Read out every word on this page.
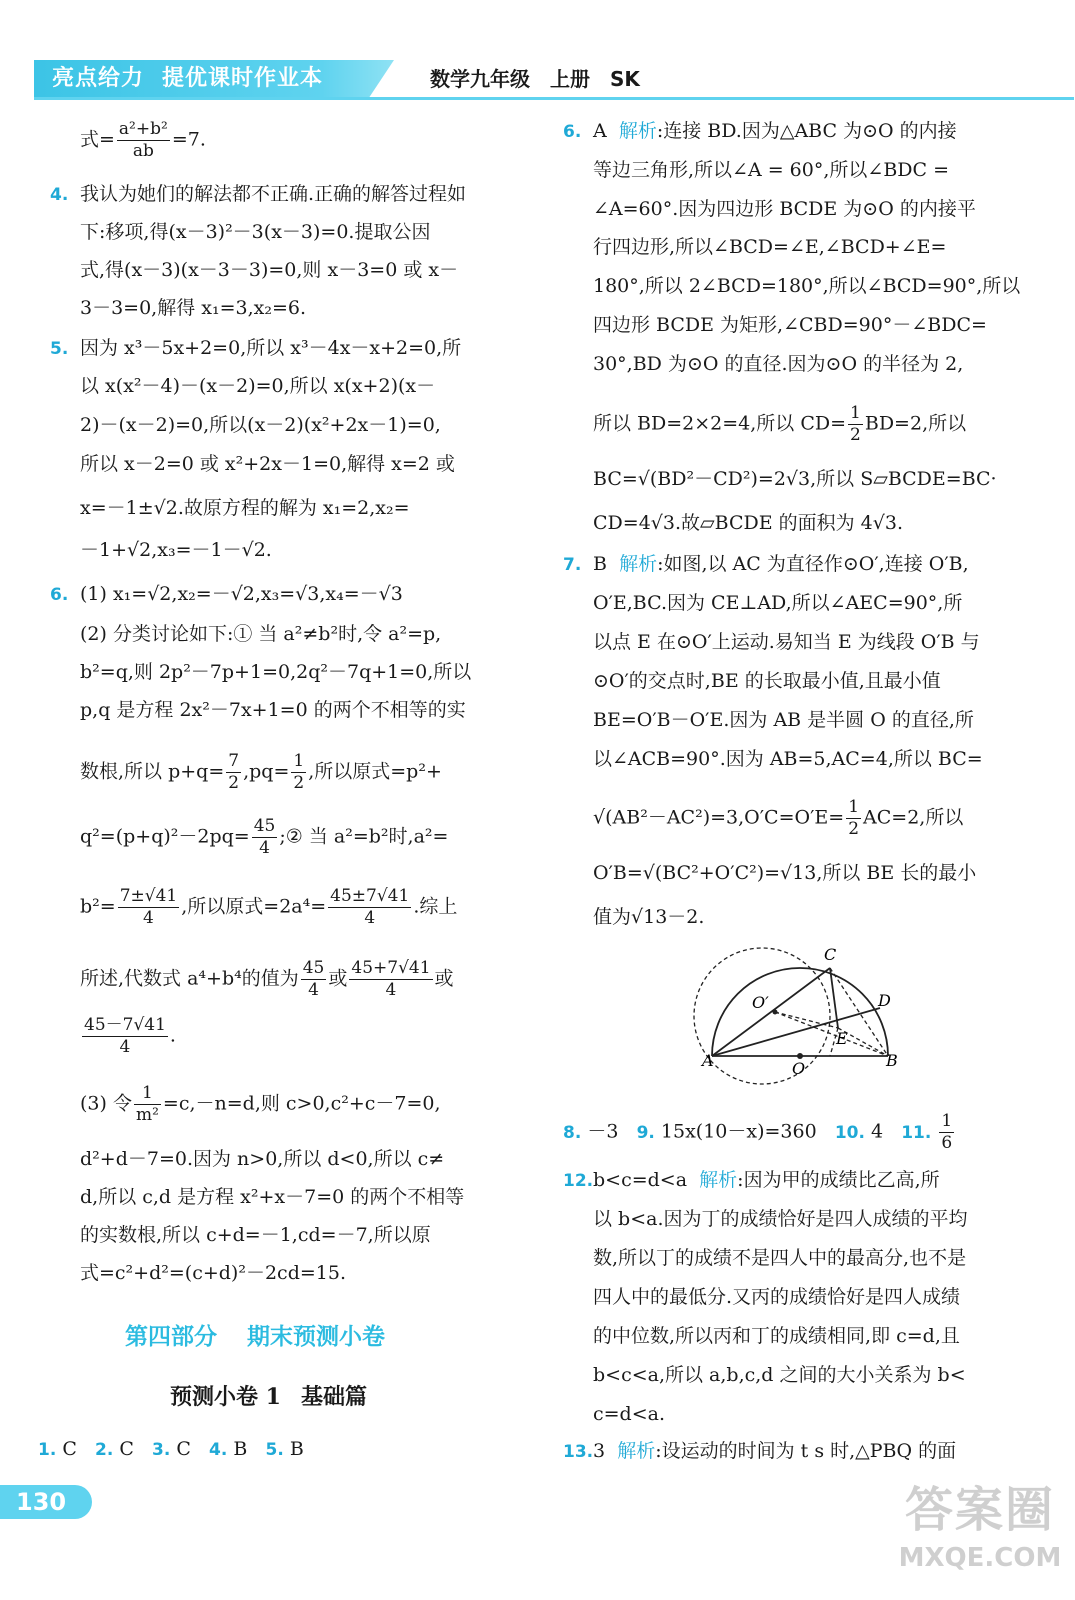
亮点给力 提优课时作业本	数学九年级 上册 SK
式= $\frac{\text{a²+b²}}{ab} =7$.
4. 我认为她们的解法都不正确.正确的解答过程如
下:移项,得(x－3)²－3(x－3)=0.提取公因
式,得(x－3)(x－3－3)=0,则 x－3=0 或 x－
3－3=0,解得 x₁=3,x₂=6.
5. 因为 x³－5x+2=0,所以 x³－4x－x+2=0,所
以 x(x²－4)－(x－2)=0,所以 x(x+2)(x－
2)－(x－2)=0,所以(x－2)(x²+2x－1)=0,
所以 x－2=0 或 x²+2x－1=0,解得 x=2 或
x=－1±√2.故原方程的解为 x₁=2,x₂=
－1+√2,x₃=－1－√2.
6. (1) x₁=√2,x₂=－√2,x₃=√3,x₄=－√3
(2) 分类讨论如下:① 当 a²≠b²时,令 a²=p,
b²=q,则 2p²－7p+1=0,2q²－7q+1=0,所以
p,q 是方程 2x²－7x+1=0 的两个不相等的实
数根,所以 $p+q= \frac{7}{2} ,pq= \frac{1}{2}$ ,所以原式=p²+
$q^2=(p+q)^2-2pq= \frac{45}{4}$ ;② 当 a²=b²时,a²=
$b^2= \frac{7\pm√41}{4}$ ,所以原式$=2a^4= \frac{45\pm 7√41}{4}$ .综上
所述,代数式 a⁴+b⁴的值为 $\frac{45}{4}$ 或 $\frac{45+7√41}{4}$ 或
$\frac{45-7√41}{4}$ .
(3) 令 $\frac{1}{\text{m²}} =c,-n=d$,则 c>0,c²+c－7=0,
d²+d－7=0.因为 n>0,所以 d<0,所以 c≠
d,所以 c,d 是方程 x²+x－7=0 的两个不相等
的实数根,所以 c+d=－1,cd=－7,所以原
式=c²+d²=(c+d)²－2cd=15.
1. C 2. C 3. C 4. B 5. B
第四部分 期末预测小卷
预测小卷 1 基础篇
6. A 解析:连接 BD.因为△ABC 为⊙O 的内接
等边三角形,所以∠A = 60°,所以∠BDC =
∠A=60°.因为四边形 BCDE 为⊙O 的内接平
行四边形,所以∠BCD=∠E,∠BCD+∠E=
180°,所以 2∠BCD=180°,所以∠BCD=90°,所以
四边形 BCDE 为矩形,∠CBD=90°－∠BDC=
30°,BD 为⊙O 的直径.因为⊙O 的半径为 2,
所以 BD=2×2=4,所以 $CD= \frac{1}{2} BD=2$,所以
BC=√(BD²－CD²)=2√3,所以 S▱BCDE=BC·
CD=4√3.故▱BCDE 的面积为 4√3.
7. B 解析:如图,以 AC 为直径作⊙O′,连接 O′B,
O′E,BC.因为 CE⊥AD,所以∠AEC=90°,所
以点 E 在⊙O′上运动.易知当 E 为线段 O′B 与
⊙O′的交点时,BE 的长取最小值,且最小值
BE=O′B－O′E.因为 AB 是半圆 O 的直径,所
以∠ACB=90°.因为 AB=5,AC=4,所以 BC=
$√(AB^2-AC^2)=3,O'C=O'E= \frac{1}{2} AC=2$,所以
O′B=√(BC²+O′C²)=√13,所以 BE 长的最小
值为√13－2.
C
D
O′
E
A	O	B
8. －3 9. 15x(10－x)=360 10. 4 11. $\frac{1}{6}$
12.b<c=d<a 解析:因为甲的成绩比乙高,所
以 b<a.因为丁的成绩恰好是四人成绩的平均
数,所以丁的成绩不是四人中的最高分,也不是
四人中的最低分.又丙的成绩恰好是四人成绩
的中位数,所以丙和丁的成绩相同,即 c=d,且
b<c<a,所以 a,b,c,d 之间的大小关系为 b<
c=d<a.
13.3 解析:设运动的时间为 t s 时,△PBQ 的面
130	答案圈
MXQE.COM
